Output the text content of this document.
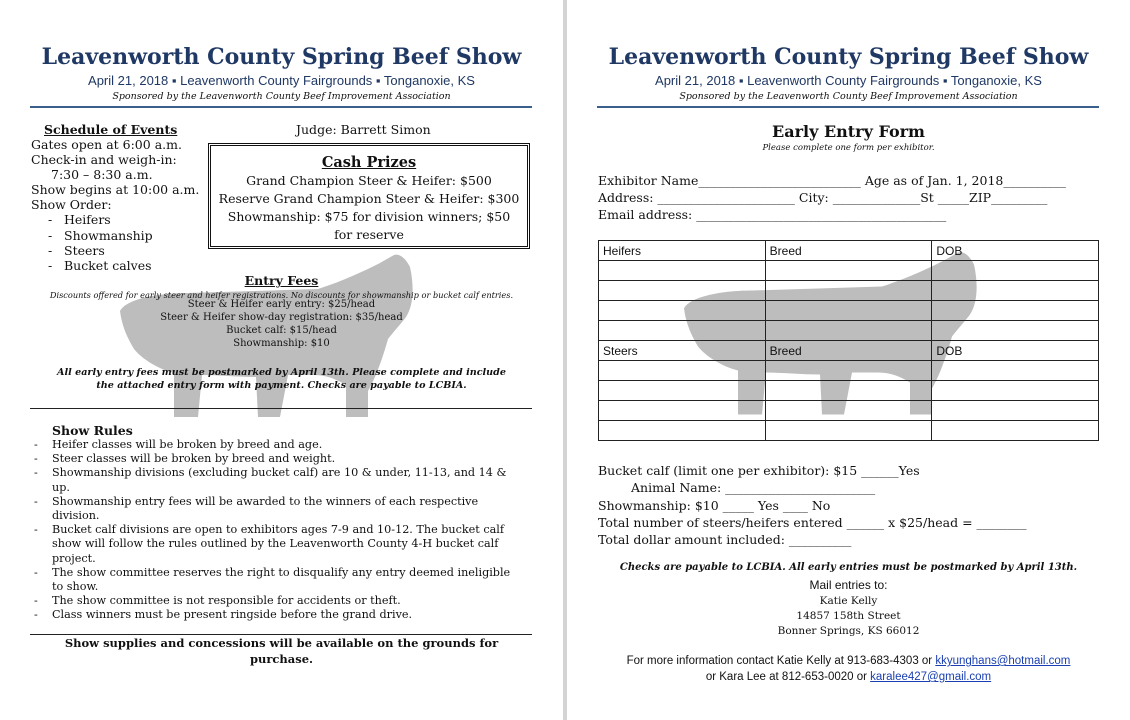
Leavenworth County Spring Beef Show
April 21, 2018 ▪ Leavenworth County Fairgrounds ▪ Tonganoxie, KS
Sponsored by the Leavenworth County Beef Improvement Association
Schedule of Events
Gates open at 6:00 a.m.
Check-in and weigh-in:
7:30 – 8:30 a.m.
Show begins at 10:00 a.m.
Show Order:
- Heifers
- Showmanship
- Steers
- Bucket calves
Judge: Barrett Simon
Cash Prizes
Grand Champion Steer & Heifer: $500
Reserve Grand Champion Steer & Heifer: $300
Showmanship: $75 for division winners; $50
for reserve
Entry Fees
Discounts offered for early steer and heifer registrations. No discounts for showmanship or bucket calf entries.
Steer & Heifer early entry: $25/head
Steer & Heifer show-day registration: $35/head
Bucket calf: $15/head
Showmanship: $10
All early entry fees must be postmarked by April 13th. Please complete and include
the attached entry form with payment. Checks are payable to LCBIA.
Show Rules
- Heifer classes will be broken by breed and age.
- Steer classes will be broken by breed and weight.
- Showmanship divisions (excluding bucket calf) are 10 & under, 11-13, and 14 &
up.
- Showmanship entry fees will be awarded to the winners of each respective
division.
- Bucket calf divisions are open to exhibitors ages 7-9 and 10-12. The bucket calf
show will follow the rules outlined by the Leavenworth County 4-H bucket calf
project.
- The show committee reserves the right to disqualify any entry deemed ineligible
to show.
- The show committee is not responsible for accidents or theft.
- Class winners must be present ringside before the grand drive.
Show supplies and concessions will be available on the grounds for
purchase.
Leavenworth County Spring Beef Show
April 21, 2018 ▪ Leavenworth County Fairgrounds ▪ Tonganoxie, KS
Sponsored by the Leavenworth County Beef Improvement Association
Early Entry Form
Please complete one form per exhibitor.
Exhibitor Name__________________________ Age as of Jan. 1, 2018__________
Address: ______________________ City: ______________St _____ZIP_________
Email address: ________________________________________
Heifers	Breed	DOB

Steers	Breed	DOB

Bucket calf (limit one per exhibitor): $15 ______Yes
Animal Name: ________________________
Showmanship: $10 _____ Yes ____ No
Total number of steers/heifers entered ______ x $25/head = ________
Total dollar amount included: __________
Checks are payable to LCBIA. All early entries must be postmarked by April 13th.
Mail entries to:
Katie Kelly
14857 158th Street
Bonner Springs, KS 66012
For more information contact Katie Kelly at 913-683-4303 or kkyunghans@hotmail.com
or Kara Lee at 812-653-0020 or karalee427@gmail.com
